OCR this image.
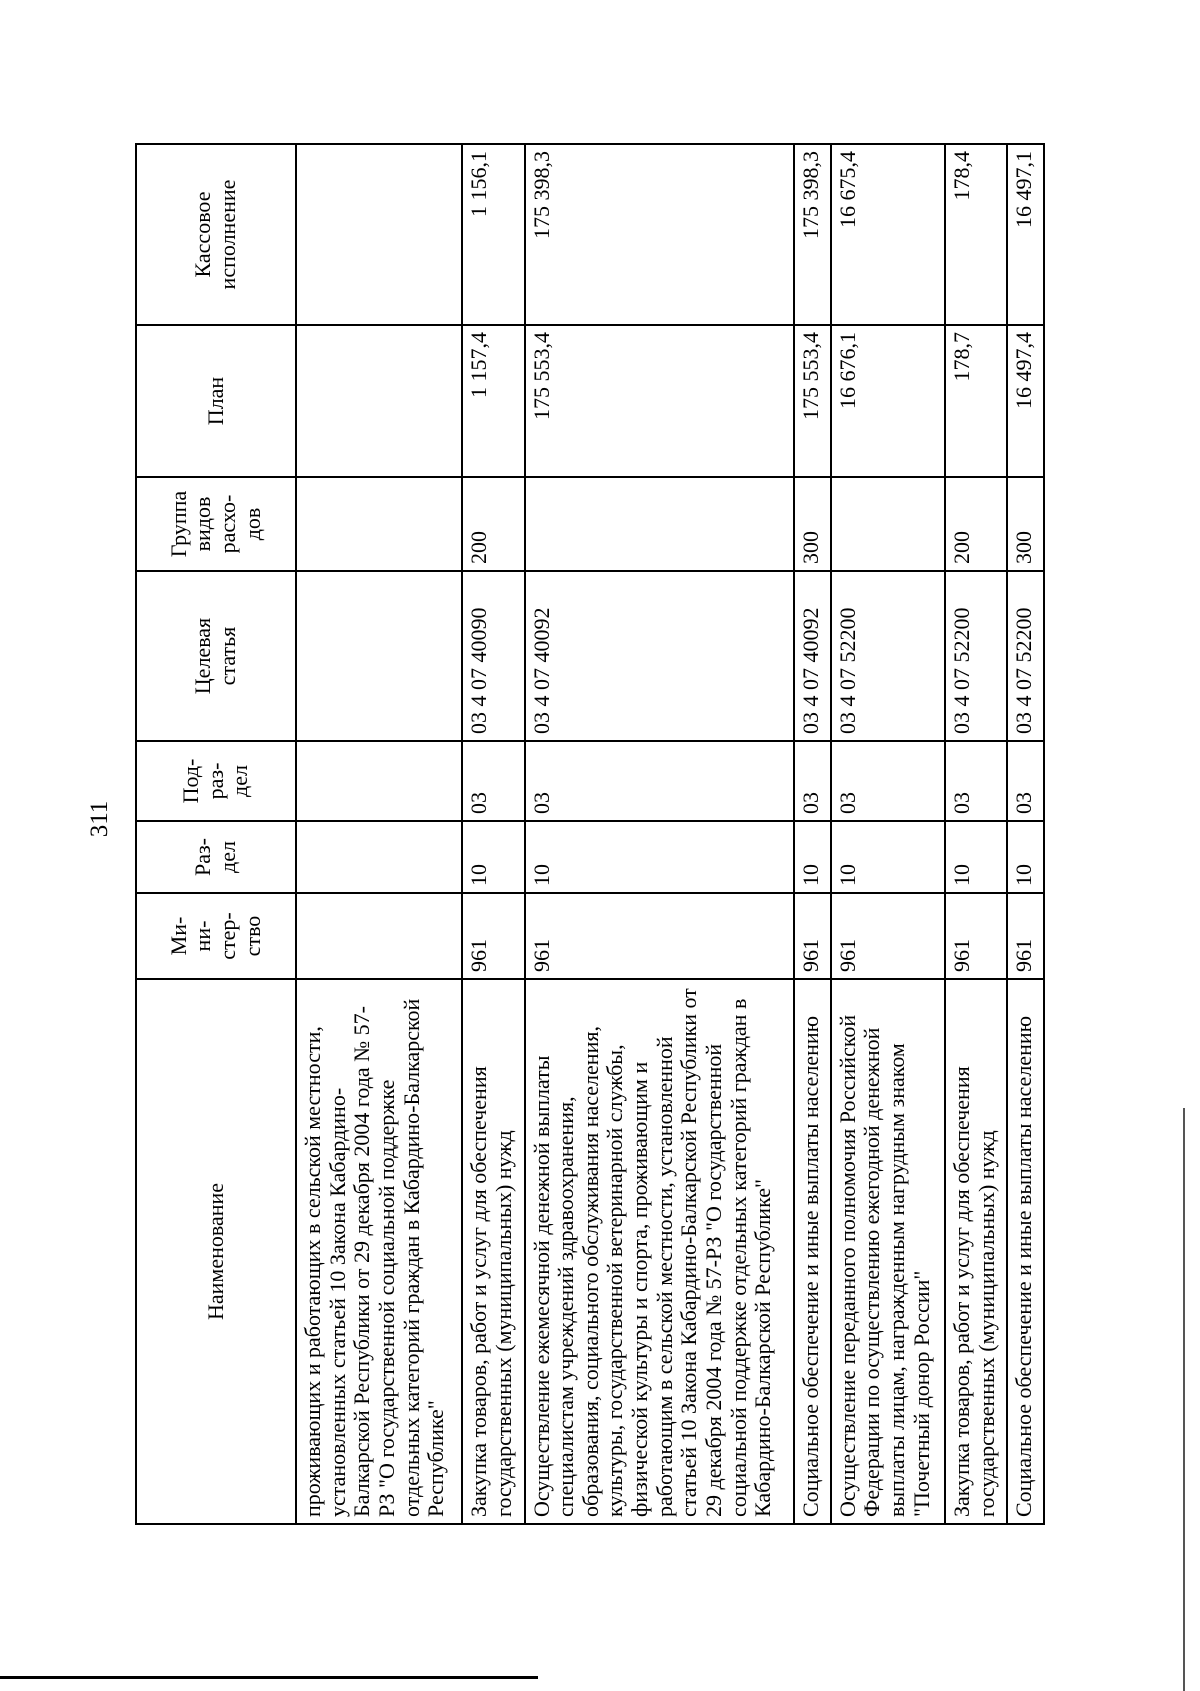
311
Наименование	Ми-
ни-
стер-
ство	Раз-
дел	Под-
раз-
дел	Целевая
статья	Группа
видов
расхо-
дов	План	Кассовое
исполнение
проживающих и работающих в сельской местности, установленных статьей 10 Закона Кабардино-Балкарской Республики от 29 декабря 2004 года № 57-РЗ "О государственной социальной поддержке отдельных категорий граждан в Кабардино-Балкарской Республике"							
Закупка товаров, работ и услуг для обеспечения государственных (муниципальных) нужд	961	10	03	03 4 07 40090	200	1 157,4	1 156,1
Осуществление ежемесячной денежной выплаты специалистам учреждений здравоохранения, образования, социального обслуживания населения, культуры, государственной ветеринарной службы, физической культуры и спорта, проживающим и работающим в сельской местности, установленной статьей 10 Закона Кабардино-Балкарской Республики от 29 декабря 2004 года № 57-РЗ "О государственной социальной поддержке отдельных категорий граждан в Кабардино-Балкарской Республике"	961	10	03	03 4 07 40092		175 553,4	175 398,3
Социальное обеспечение и иные выплаты населению	961	10	03	03 4 07 40092	300	175 553,4	175 398,3
Осуществление переданного полномочия Российской Федерации по осуществлению ежегодной денежной выплаты лицам, награжденным нагрудным знаком "Почетный донор России"	961	10	03	03 4 07 52200		16 676,1	16 675,4
Закупка товаров, работ и услуг для обеспечения государственных (муниципальных) нужд	961	10	03	03 4 07 52200	200	178,7	178,4
Социальное обеспечение и иные выплаты населению	961	10	03	03 4 07 52200	300	16 497,4	16 497,1
